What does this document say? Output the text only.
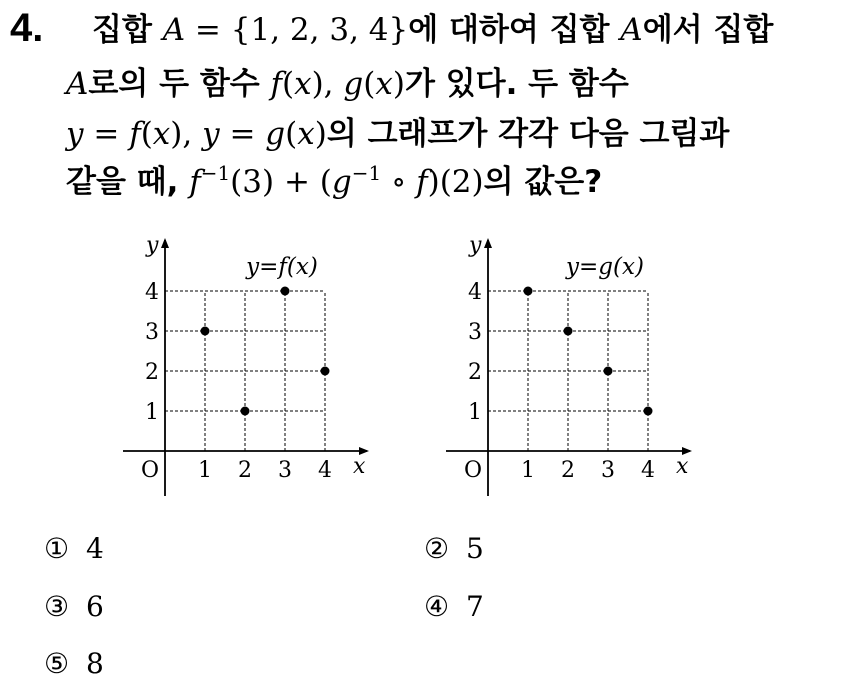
4. 집합 A = {1, 2, 3, 4}에 대하여 집합 A에서 집합
A로의 두 함수 f(x), g(x)가 있다. 두 함수
y = f(x), y = g(x)의 그래프가 각각 다음 그림과
같을 때, $f^{-1}(3) + (g^{-1}$ ∘ f)(2)의 값은?
x
y
O 1 2 3 4
1
2
3
4
y=f(x)
x
y
O 1 2 3 4
1
2
3
4
y=g(x)
① 4	② 5
③ 6	④ 7
⑤ 8
